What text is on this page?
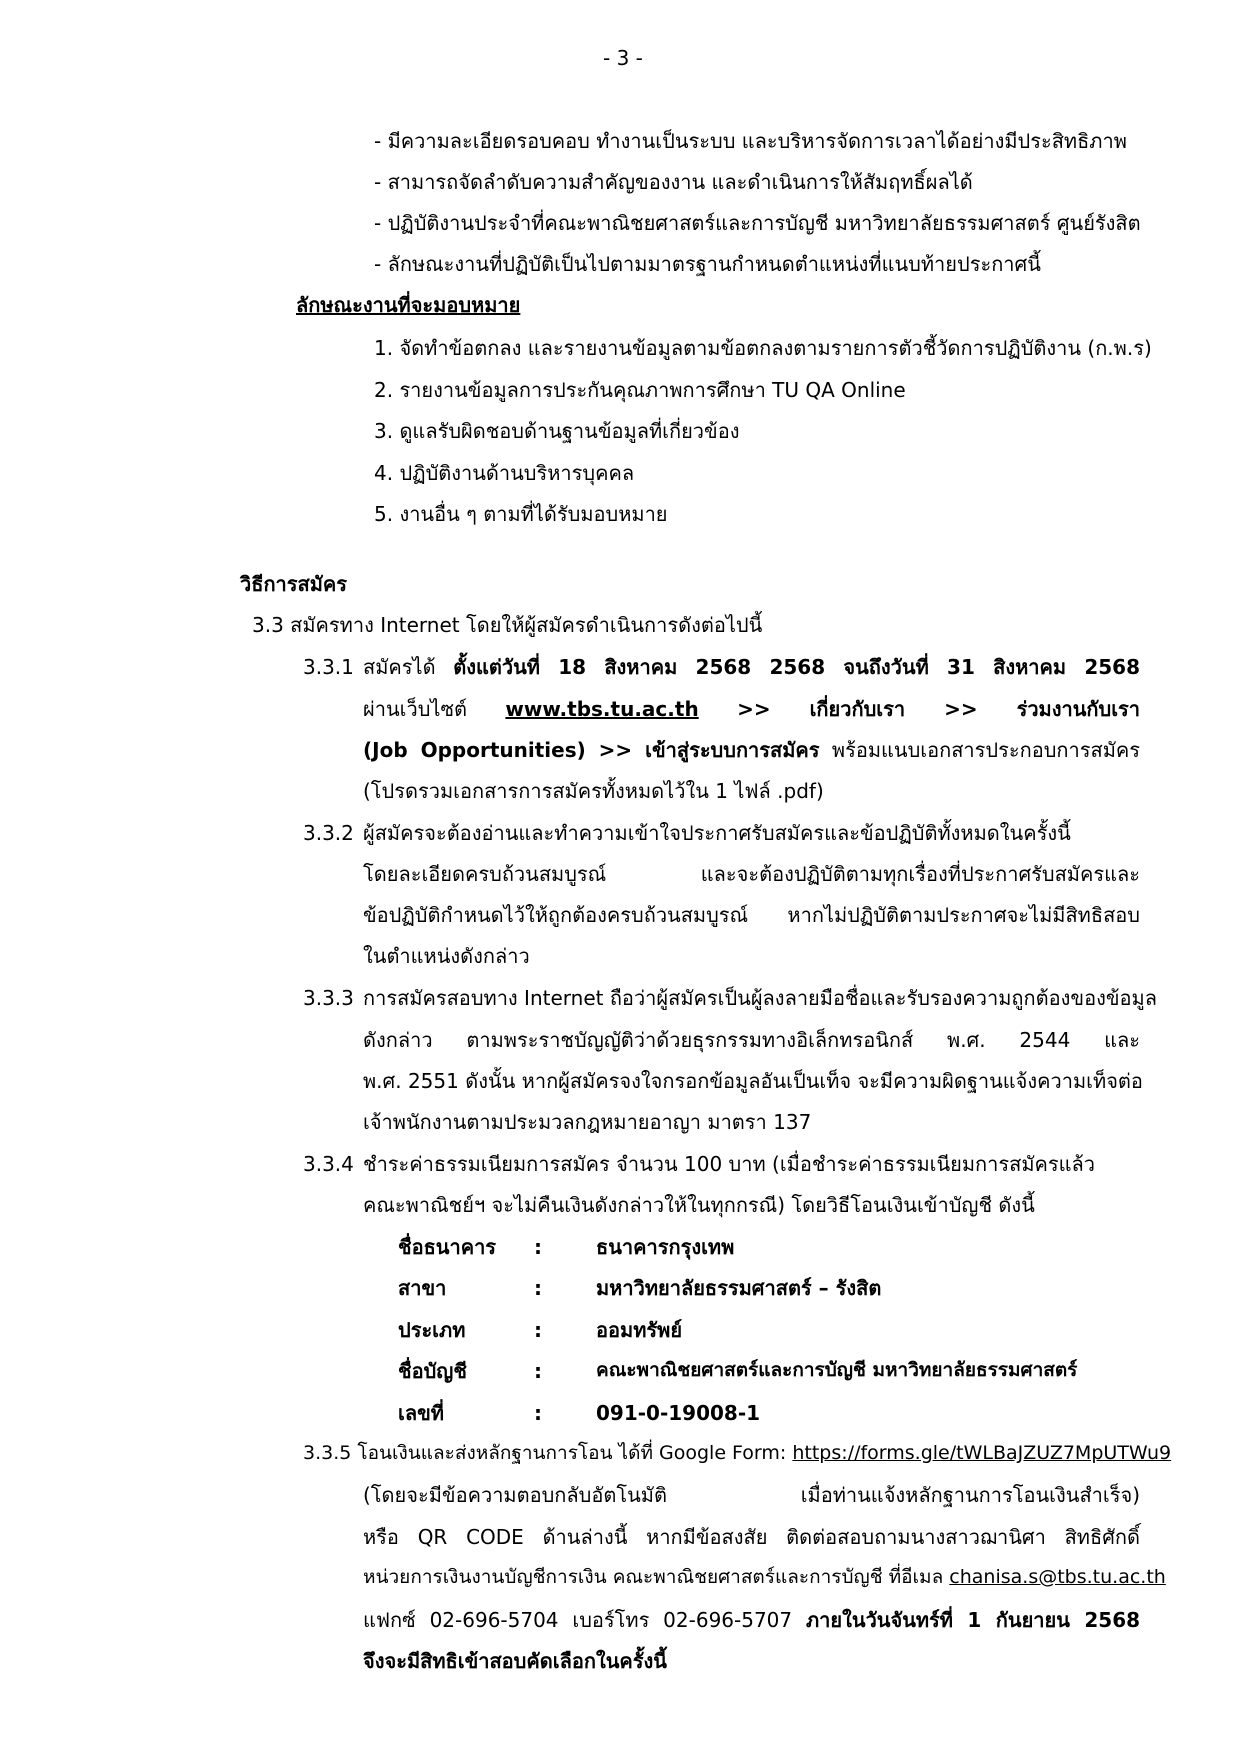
- 3 -
- มีความละเอียดรอบคอบ ทำงานเป็นระบบ และบริหารจัดการเวลาได้อย่างมีประสิทธิภาพ
- สามารถจัดลำดับความสำคัญของงาน และดำเนินการให้สัมฤทธิ์ผลได้
- ปฏิบัติงานประจำที่คณะพาณิชยศาสตร์และการบัญชี มหาวิทยาลัยธรรมศาสตร์ ศูนย์รังสิต
- ลักษณะงานที่ปฏิบัติเป็นไปตามมาตรฐานกำหนดตำแหน่งที่แนบท้ายประกาศนี้
ลักษณะงานที่จะมอบหมาย
1. จัดทำข้อตกลง และรายงานข้อมูลตามข้อตกลงตามรายการตัวชี้วัดการปฏิบัติงาน (ก.พ.ร)
2. รายงานข้อมูลการประกันคุณภาพการศึกษา TU QA Online
3. ดูแลรับผิดชอบด้านฐานข้อมูลที่เกี่ยวข้อง
4. ปฏิบัติงานด้านบริหารบุคคล
5. งานอื่น ๆ ตามที่ได้รับมอบหมาย
วิธีการสมัคร
3.3 สมัครทาง Internet โดยให้ผู้สมัครดำเนินการดังต่อไปนี้
3.3.1 สมัครได้ ตั้งแต่วันที่ 18 สิงหาคม 2568 2568 จนถึงวันที่ 31 สิงหาคม 2568
ผ่านเว็บไซต์ www.tbs.tu.ac.th >> เกี่ยวกับเรา >> ร่วมงานกับเรา
(Job Opportunities) >> เข้าสู่ระบบการสมัคร พร้อมแนบเอกสารประกอบการสมัคร
(โปรดรวมเอกสารการสมัครทั้งหมดไว้ใน 1 ไฟล์ .pdf)
3.3.2 ผู้สมัครจะต้องอ่านและทำความเข้าใจประกาศรับสมัครและข้อปฏิบัติทั้งหมดในครั้งนี้
โดยละเอียดครบถ้วนสมบูรณ์ และจะต้องปฏิบัติตามทุกเรื่องที่ประกาศรับสมัครและ
ข้อปฏิบัติกำหนดไว้ให้ถูกต้องครบถ้วนสมบูรณ์ หากไม่ปฏิบัติตามประกาศจะไม่มีสิทธิสอบ
ในตำแหน่งดังกล่าว
3.3.3 การสมัครสอบทาง Internet ถือว่าผู้สมัครเป็นผู้ลงลายมือชื่อและรับรองความถูกต้องของข้อมูล
ดังกล่าว ตามพระราชบัญญัติว่าด้วยธุรกรรมทางอิเล็กทรอนิกส์ พ.ศ. 2544 และ
พ.ศ. 2551 ดังนั้น หากผู้สมัครจงใจกรอกข้อมูลอันเป็นเท็จ จะมีความผิดฐานแจ้งความเท็จต่อ
เจ้าพนักงานตามประมวลกฎหมายอาญา มาตรา 137
3.3.4 ชำระค่าธรรมเนียมการสมัคร จำนวน 100 บาท (เมื่อชำระค่าธรรมเนียมการสมัครแล้ว
คณะพาณิชย์ฯ จะไม่คืนเงินดังกล่าวให้ในทุกกรณี) โดยวิธีโอนเงินเข้าบัญชี ดังนี้
ชื่อธนาคาร :	ธนาคารกรุงเทพ
สาขา	:	มหาวิทยาลัยธรรมศาสตร์ – รังสิต
ประเภท	:	ออมทรัพย์
ชื่อบัญชี	:	คณะพาณิชยศาสตร์และการบัญชี มหาวิทยาลัยธรรมศาสตร์
เลขที่	:	091-0-19008-1
3.3.5 โอนเงินและส่งหลักฐานการโอน ได้ที่ Google Form: https://forms.gle/tWLBaJZUZ7MpUTWu9
(โดยจะมีข้อความตอบกลับอัตโนมัติ เมื่อท่านแจ้งหลักฐานการโอนเงินสำเร็จ)
หรือ QR CODE ด้านล่างนี้ หากมีข้อสงสัย ติดต่อสอบถามนางสาวฌานิศา สิทธิศักดิ์
หน่วยการเงินงานบัญชีการเงิน คณะพาณิชยศาสตร์และการบัญชี ที่อีเมล chanisa.s@tbs.tu.ac.th
แฟกซ์ 02-696-5704 เบอร์โทร 02-696-5707 ภายในวันจันทร์ที่ 1 กันยายน 2568
จึงจะมีสิทธิเข้าสอบคัดเลือกในครั้งนี้
